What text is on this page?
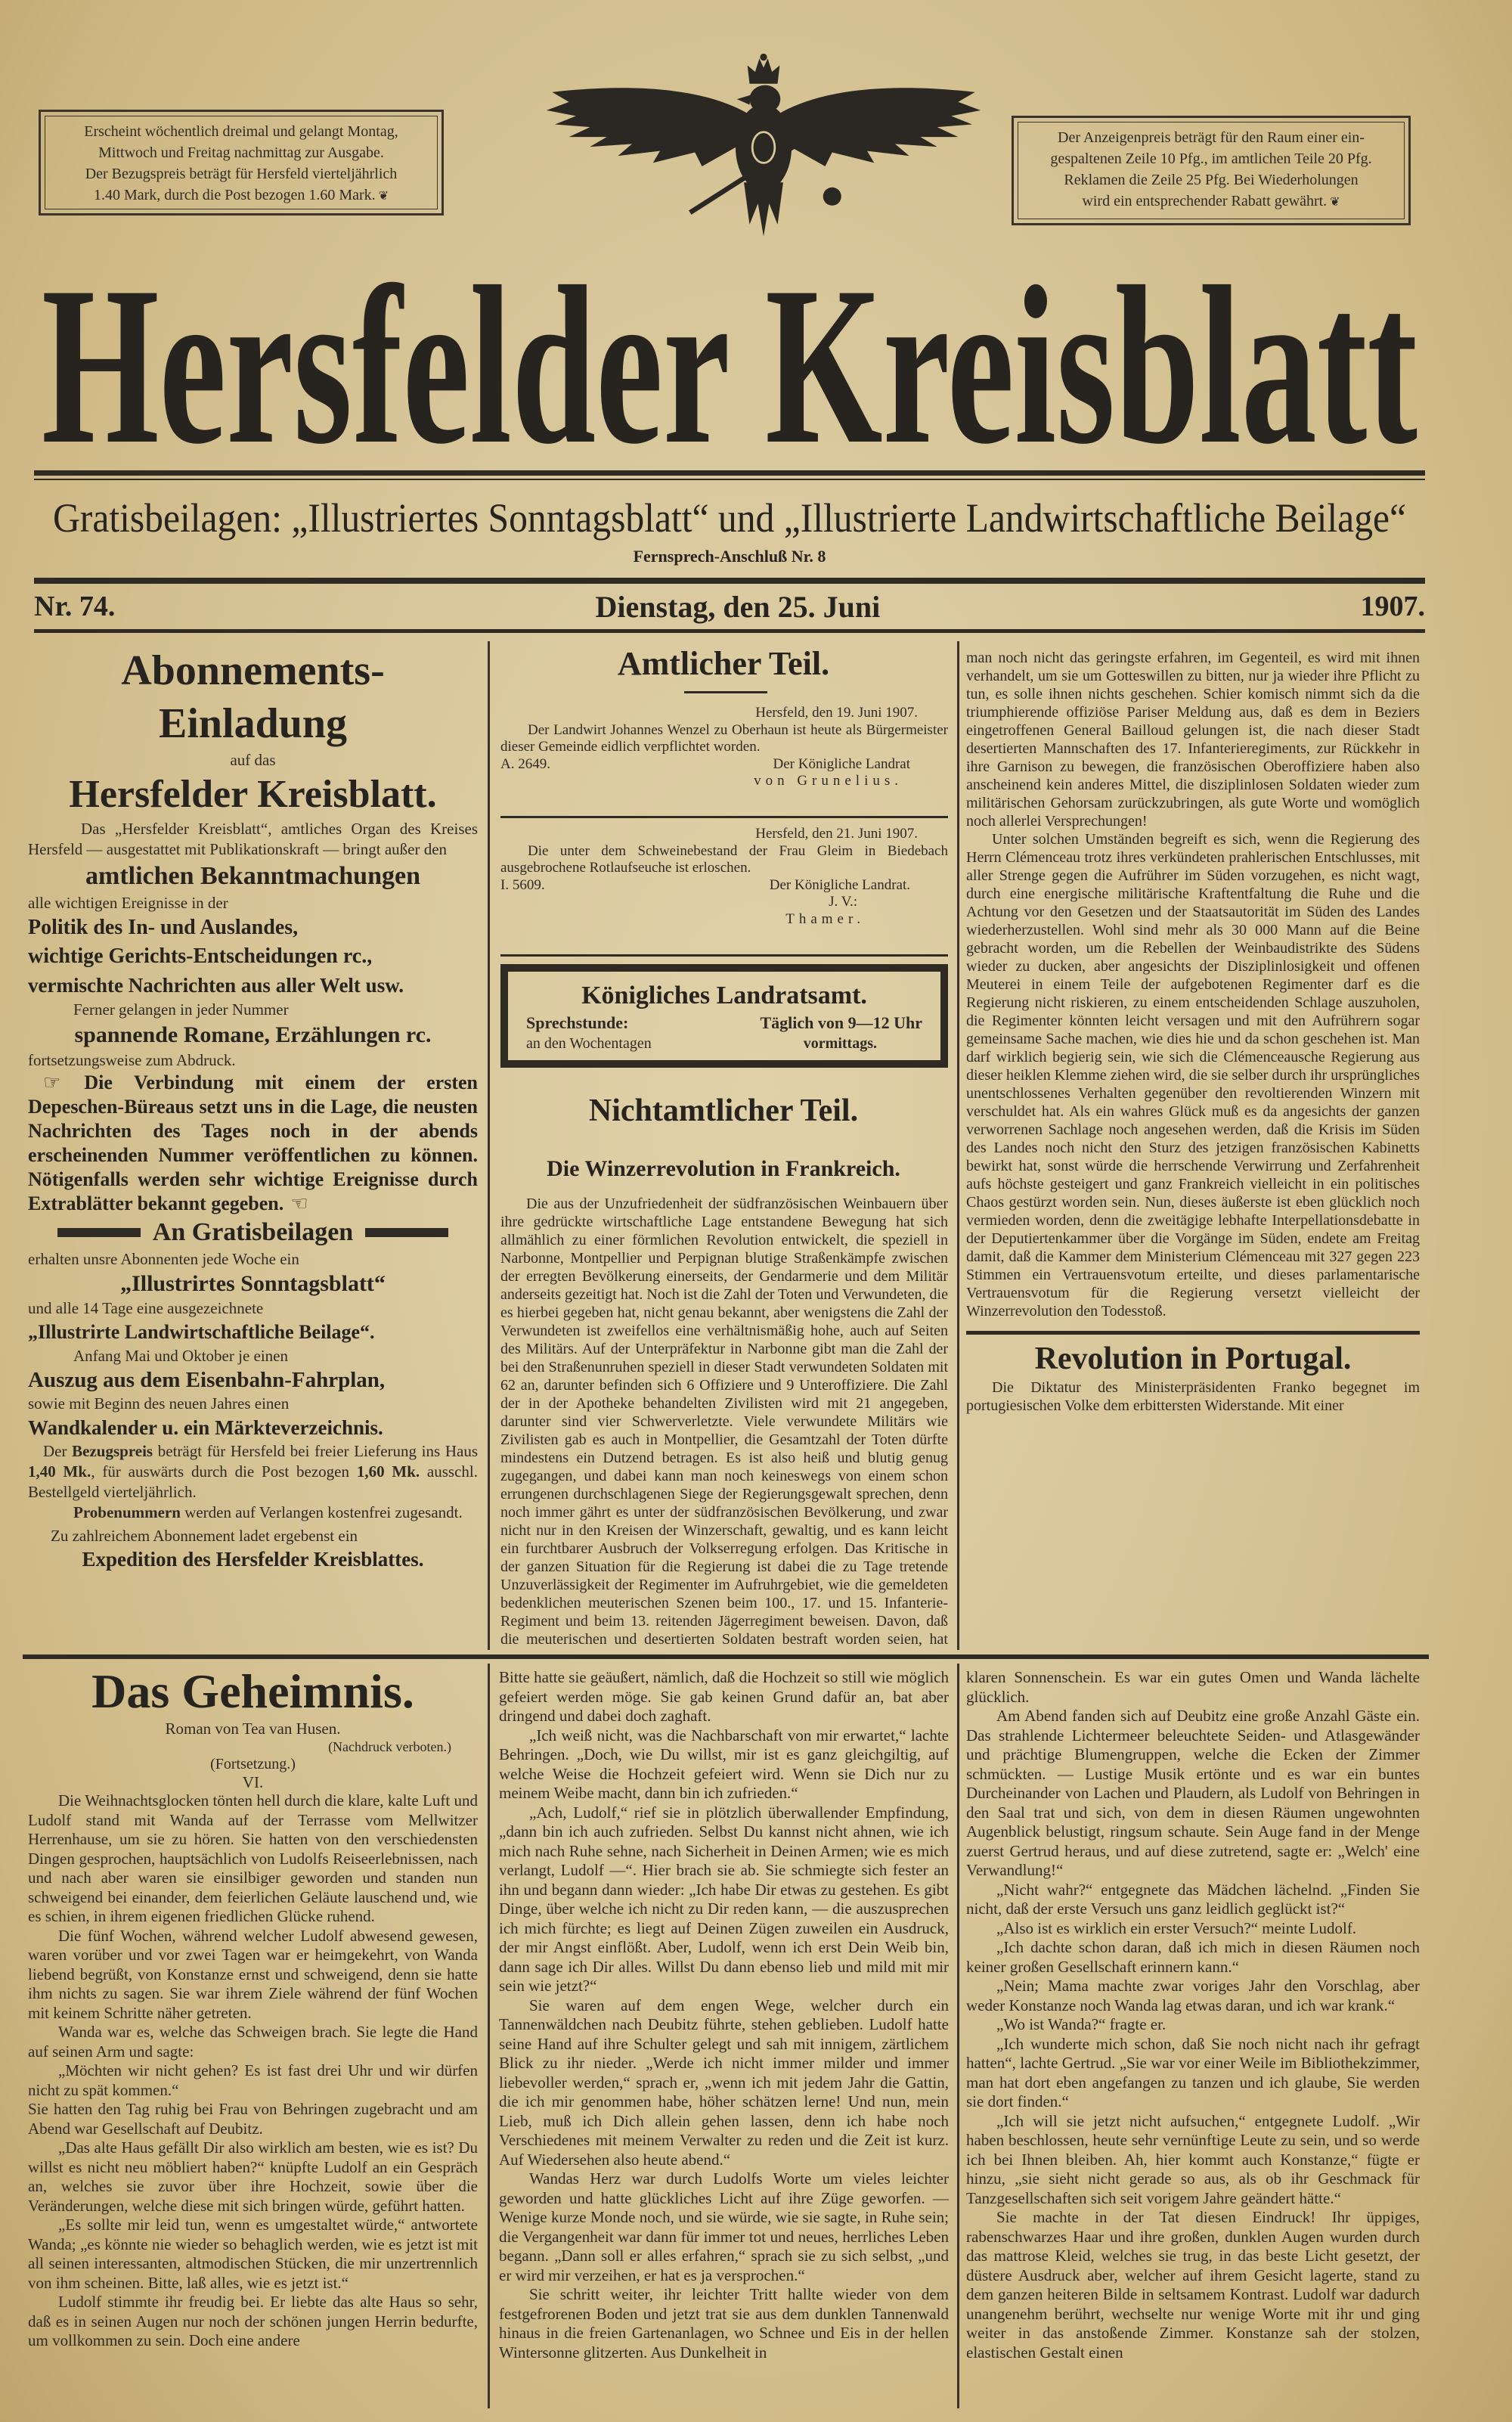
Erscheint wöchentlich dreimal und gelangt Montag,
Mittwoch und Freitag nachmittag zur Ausgabe.
Der Bezugspreis beträgt für Hersfeld vierteljährlich
1.40 Mark, durch die Post bezogen 1.60 Mark. ❦
Der Anzeigenpreis beträgt für den Raum einer ein-
gespaltenen Zeile 10 Pfg., im amtlichen Teile 20 Pfg.
Reklamen die Zeile 25 Pfg. Bei Wiederholungen
wird ein entsprechender Rabatt gewährt. ❦
Hersfelder Kreisblatt
Gratisbeilagen: „Illustriertes Sonntagsblatt“ und „Illustrierte Landwirtschaftliche Beilage“
Fernsprech-Anschluß Nr. 8
Nr. 74.	Dienstag, den 25. Juni	1907.
Abonnements-Einladung
auf das
Hersfelder Kreisblatt.
Das „Hersfelder Kreisblatt“, amtliches Organ des Kreises Hersfeld — ausgestattet mit Publikationskraft — bringt außer den
amtlichen Bekanntmachungen
alle wichtigen Ereignisse in der
Politik des In- und Auslandes,
wichtige Gerichts-Entscheidungen rc.,
vermischte Nachrichten aus aller Welt usw.
Ferner gelangen in jeder Nummer
spannende Romane, Erzählungen rc.
fortsetzungsweise zum Abdruck.
☞ Die Verbindung mit einem der ersten Depeschen-Büreaus setzt uns in die Lage, die neusten Nachrichten des Tages noch in der abends erscheinenden Nummer veröffentlichen zu können. Nötigenfalls werden sehr wichtige Ereignisse durch Extrablätter bekannt gegeben. ☜
An Gratisbeilagen
erhalten unsre Abonnenten jede Woche ein
„Illustrirtes Sonntagsblatt“
und alle 14 Tage eine ausgezeichnete
„Illustrirte Landwirtschaftliche Beilage“.
Anfang Mai und Oktober je einen
Auszug aus dem Eisenbahn-Fahrplan,
sowie mit Beginn des neuen Jahres einen
Wandkalender u. ein Märkteverzeichnis.
Der Bezugspreis beträgt für Hersfeld bei freier Lieferung ins Haus 1,40 Mk., für auswärts durch die Post bezogen 1,60 Mk. ausschl. Bestellgeld vierteljährlich.
Probenummern werden auf Verlangen kostenfrei zugesandt.
Zu zahlreichem Abonnement ladet ergebenst ein
Expedition des Hersfelder Kreisblattes.
Amtlicher Teil.
Hersfeld, den 19. Juni 1907.
Der Landwirt Johannes Wenzel zu Oberhaun ist heute als Bürgermeister dieser Gemeinde eidlich verpflichtet worden.
A. 2649.	Der Königliche Landrat
von Grunelius.
Hersfeld, den 21. Juni 1907.
Die unter dem Schweinebestand der Frau Gleim in Biedebach ausgebrochene Rotlaufseuche ist erloschen.
I. 5609.	Der Königliche Landrat.
J. V.:
Thamer.
Königliches Landratsamt.
Sprechstunde:	Täglich von 9—12 Uhr
an den Wochentagen	vormittags.
Nichtamtlicher Teil.
Die Winzerrevolution in Frankreich.

Die aus der Unzufriedenheit der südfranzösischen Weinbauern über ihre gedrückte wirtschaftliche Lage entstandene Bewegung hat sich allmählich zu einer förmlichen Revolution entwickelt, die speziell in Narbonne, Montpellier und Perpignan blutige Straßenkämpfe zwischen der erregten Bevölkerung einerseits, der Gendarmerie und dem Militär anderseits gezeitigt hat. Noch ist die Zahl der Toten und Verwundeten, die es hierbei gegeben hat, nicht genau bekannt, aber wenigstens die Zahl der Verwundeten ist zweifellos eine verhältnismäßig hohe, auch auf Seiten des Militärs. Auf der Unterpräfektur in Narbonne gibt man die Zahl der bei den Straßenunruhen speziell in dieser Stadt verwundeten Soldaten mit 62 an, darunter befinden sich 6 Offiziere und 9 Unteroffiziere. Die Zahl der in der Apotheke behandelten Zivilisten wird mit 21 angegeben, darunter sind vier Schwerverletzte. Viele verwundete Militärs wie Zivilisten gab es auch in Montpellier, die Gesamtzahl der Toten dürfte mindestens ein Dutzend betragen. Es ist also heiß und blutig genug zugegangen, und dabei kann man noch keineswegs von einem schon errungenen durchschlagenen Siege der Regierungsgewalt sprechen, denn noch immer gährt es unter der südfranzösischen Bevölkerung, und zwar nicht nur in den Kreisen der Winzerschaft, gewaltig, und es kann leicht ein furchtbarer Ausbruch der Volkserregung erfolgen. Das Kritische in der ganzen Situation für die Regierung ist dabei die zu Tage tretende Unzuverlässigkeit der Regimenter im Aufruhrgebiet, wie die gemeldeten bedenklichen meuterischen Szenen beim 100., 17. und 15. Infanterie-Regiment und beim 13. reitenden Jägerregiment beweisen. Davon, daß die meuterischen und desertierten Soldaten bestraft worden seien, hat

man noch nicht das geringste erfahren, im Gegenteil, es wird mit ihnen verhandelt, um sie um Gotteswillen zu bitten, nur ja wieder ihre Pflicht zu tun, es solle ihnen nichts geschehen. Schier komisch nimmt sich da die triumphierende offiziöse Pariser Meldung aus, daß es dem in Beziers eingetroffenen General Bailloud gelungen ist, die nach dieser Stadt desertierten Mannschaften des 17. Infanterieregiments, zur Rückkehr in ihre Garnison zu bewegen, die französischen Oberoffiziere haben also anscheinend kein anderes Mittel, die disziplinlosen Soldaten wieder zum militärischen Gehorsam zurückzubringen, als gute Worte und womöglich noch allerlei Versprechungen!

Unter solchen Umständen begreift es sich, wenn die Regierung des Herrn Clémenceau trotz ihres verkündeten prahlerischen Entschlusses, mit aller Strenge gegen die Aufrührer im Süden vorzugehen, es nicht wagt, durch eine energische militärische Kraftentfaltung die Ruhe und die Achtung vor den Gesetzen und der Staatsautorität im Süden des Landes wiederherzustellen. Wohl sind mehr als 30 000 Mann auf die Beine gebracht worden, um die Rebellen der Weinbaudistrikte des Südens wieder zu ducken, aber angesichts der Disziplinlosigkeit und offenen Meuterei in einem Teile der aufgebotenen Regimenter darf es die Regierung nicht riskieren, zu einem entscheidenden Schlage auszuholen, die Regimenter könnten leicht versagen und mit den Aufrührern sogar gemeinsame Sache machen, wie dies hie und da schon geschehen ist. Man darf wirklich begierig sein, wie sich die Clémenceausche Regierung aus dieser heiklen Klemme ziehen wird, die sie selber durch ihr ursprüngliches unentschlossenes Verhalten gegenüber den revoltierenden Winzern mit verschuldet hat. Als ein wahres Glück muß es da angesichts der ganzen verworrenen Sachlage noch angesehen werden, daß die Krisis im Süden des Landes noch nicht den Sturz des jetzigen französischen Kabinetts bewirkt hat, sonst würde die herrschende Verwirrung und Zerfahrenheit aufs höchste gesteigert und ganz Frankreich vielleicht in ein politisches Chaos gestürzt worden sein. Nun, dieses äußerste ist eben glücklich noch vermieden worden, denn die zweitägige lebhafte Interpellationsdebatte in der Deputiertenkammer über die Vorgänge im Süden, endete am Freitag damit, daß die Kammer dem Ministerium Clémenceau mit 327 gegen 223 Stimmen ein Vertrauensvotum erteilte, und dieses parlamentarische Vertrauensvotum für die Regierung versetzt vielleicht der Winzerrevolution den Todesstoß.

Revolution in Portugal.

Die Diktatur des Ministerpräsidenten Franko begegnet im portugiesischen Volke dem erbittersten Widerstande. Mit einer

Das Geheimnis.
Roman von Tea van Husen.
(Nachdruck verboten.)
(Fortsetzung.)
VI.

Die Weihnachtsglocken tönten hell durch die klare, kalte Luft und Ludolf stand mit Wanda auf der Terrasse vom Mellwitzer Herrenhause, um sie zu hören. Sie hatten von den verschiedensten Dingen gesprochen, hauptsächlich von Ludolfs Reiseerlebnissen, nach und nach aber waren sie einsilbiger geworden und standen nun schweigend bei einander, dem feierlichen Geläute lauschend und, wie es schien, in ihrem eigenen friedlichen Glücke ruhend.

Die fünf Wochen, während welcher Ludolf abwesend gewesen, waren vorüber und vor zwei Tagen war er heimgekehrt, von Wanda liebend begrüßt, von Konstanze ernst und schweigend, denn sie hatte ihm nichts zu sagen. Sie war ihrem Ziele während der fünf Wochen mit keinem Schritte näher getreten.

Wanda war es, welche das Schweigen brach. Sie legte die Hand auf seinen Arm und sagte:

„Möchten wir nicht gehen? Es ist fast drei Uhr und wir dürfen nicht zu spät kommen.“

Sie hatten den Tag ruhig bei Frau von Behringen zugebracht und am Abend war Gesellschaft auf Deubitz.

„Das alte Haus gefällt Dir also wirklich am besten, wie es ist? Du willst es nicht neu möbliert haben?“ knüpfte Ludolf an ein Gespräch an, welches sie zuvor über ihre Hochzeit, sowie über die Veränderungen, welche diese mit sich bringen würde, geführt hatten.

„Es sollte mir leid tun, wenn es umgestaltet würde,“ antwortete Wanda; „es könnte nie wieder so behaglich werden, wie es jetzt ist mit all seinen interessanten, altmodischen Stücken, die mir unzertrennlich von ihm scheinen. Bitte, laß alles, wie es jetzt ist.“

Ludolf stimmte ihr freudig bei. Er liebte das alte Haus so sehr, daß es in seinen Augen nur noch der schönen jungen Herrin bedurfte, um vollkommen zu sein. Doch eine andere

Bitte hatte sie geäußert, nämlich, daß die Hochzeit so still wie möglich gefeiert werden möge. Sie gab keinen Grund dafür an, bat aber dringend und dabei doch zaghaft.

„Ich weiß nicht, was die Nachbarschaft von mir erwartet,“ lachte Behringen. „Doch, wie Du willst, mir ist es ganz gleichgiltig, auf welche Weise die Hochzeit gefeiert wird. Wenn sie Dich nur zu meinem Weibe macht, dann bin ich zufrieden.“

„Ach, Ludolf,“ rief sie in plötzlich überwallender Empfindung, „dann bin ich auch zufrieden. Selbst Du kannst nicht ahnen, wie ich mich nach Ruhe sehne, nach Sicherheit in Deinen Armen; wie es mich verlangt, Ludolf —“. Hier brach sie ab. Sie schmiegte sich fester an ihn und begann dann wieder: „Ich habe Dir etwas zu gestehen. Es gibt Dinge, über welche ich nicht zu Dir reden kann, — die auszusprechen ich mich fürchte; es liegt auf Deinen Zügen zuweilen ein Ausdruck, der mir Angst einflößt. Aber, Ludolf, wenn ich erst Dein Weib bin, dann sage ich Dir alles. Willst Du dann ebenso lieb und mild mit mir sein wie jetzt?“

Sie waren auf dem engen Wege, welcher durch ein Tannenwäldchen nach Deubitz führte, stehen geblieben. Ludolf hatte seine Hand auf ihre Schulter gelegt und sah mit innigem, zärtlichem Blick zu ihr nieder. „Werde ich nicht immer milder und immer liebevoller werden,“ sprach er, „wenn ich mit jedem Jahr die Gattin, die ich mir genommen habe, höher schätzen lerne! Und nun, mein Lieb, muß ich Dich allein gehen lassen, denn ich habe noch Verschiedenes mit meinem Verwalter zu reden und die Zeit ist kurz. Auf Wiedersehen also heute abend.“

Wandas Herz war durch Ludolfs Worte um vieles leichter geworden und hatte glückliches Licht auf ihre Züge geworfen. — Wenige kurze Monde noch, und sie würde, wie sie sagte, in Ruhe sein; die Vergangenheit war dann für immer tot und neues, herrliches Leben begann. „Dann soll er alles erfahren,“ sprach sie zu sich selbst, „und er wird mir verzeihen, er hat es ja versprochen.“

Sie schritt weiter, ihr leichter Tritt hallte wieder von dem festgefrorenen Boden und jetzt trat sie aus dem dunklen Tannenwald hinaus in die freien Gartenanlagen, wo Schnee und Eis in der hellen Wintersonne glitzerten. Aus Dunkelheit in

klaren Sonnenschein. Es war ein gutes Omen und Wanda lächelte glücklich.

Am Abend fanden sich auf Deubitz eine große Anzahl Gäste ein. Das strahlende Lichtermeer beleuchtete Seiden- und Atlasgewänder und prächtige Blumengruppen, welche die Ecken der Zimmer schmückten. — Lustige Musik ertönte und es war ein buntes Durcheinander von Lachen und Plaudern, als Ludolf von Behringen in den Saal trat und sich, von dem in diesen Räumen ungewohnten Augenblick belustigt, ringsum schaute. Sein Auge fand in der Menge zuerst Gertrud heraus, und auf diese zutretend, sagte er: „Welch' eine Verwandlung!“

„Nicht wahr?“ entgegnete das Mädchen lächelnd. „Finden Sie nicht, daß der erste Versuch uns ganz leidlich geglückt ist?“

„Also ist es wirklich ein erster Versuch?“ meinte Ludolf.

„Ich dachte schon daran, daß ich mich in diesen Räumen noch keiner großen Gesellschaft erinnern kann.“

„Nein; Mama machte zwar voriges Jahr den Vorschlag, aber weder Konstanze noch Wanda lag etwas daran, und ich war krank.“

„Wo ist Wanda?“ fragte er.

„Ich wunderte mich schon, daß Sie noch nicht nach ihr gefragt hatten“, lachte Gertrud. „Sie war vor einer Weile im Bibliothekzimmer, man hat dort eben angefangen zu tanzen und ich glaube, Sie werden sie dort finden.“

„Ich will sie jetzt nicht aufsuchen,“ entgegnete Ludolf. „Wir haben beschlossen, heute sehr vernünftige Leute zu sein, und so werde ich bei Ihnen bleiben. Ah, hier kommt auch Konstanze,“ fügte er hinzu, „sie sieht nicht gerade so aus, als ob ihr Geschmack für Tanzgesellschaften sich seit vorigem Jahre geändert hätte.“

Sie machte in der Tat diesen Eindruck! Ihr üppiges, rabenschwarzes Haar und ihre großen, dunklen Augen wurden durch das mattrose Kleid, welches sie trug, in das beste Licht gesetzt, der düstere Ausdruck aber, welcher auf ihrem Gesicht lagerte, stand zu dem ganzen heiteren Bilde in seltsamem Kontrast. Ludolf war dadurch unangenehm berührt, wechselte nur wenige Worte mit ihr und ging weiter in das anstoßende Zimmer. Konstanze sah der stolzen, elastischen Gestalt einen
